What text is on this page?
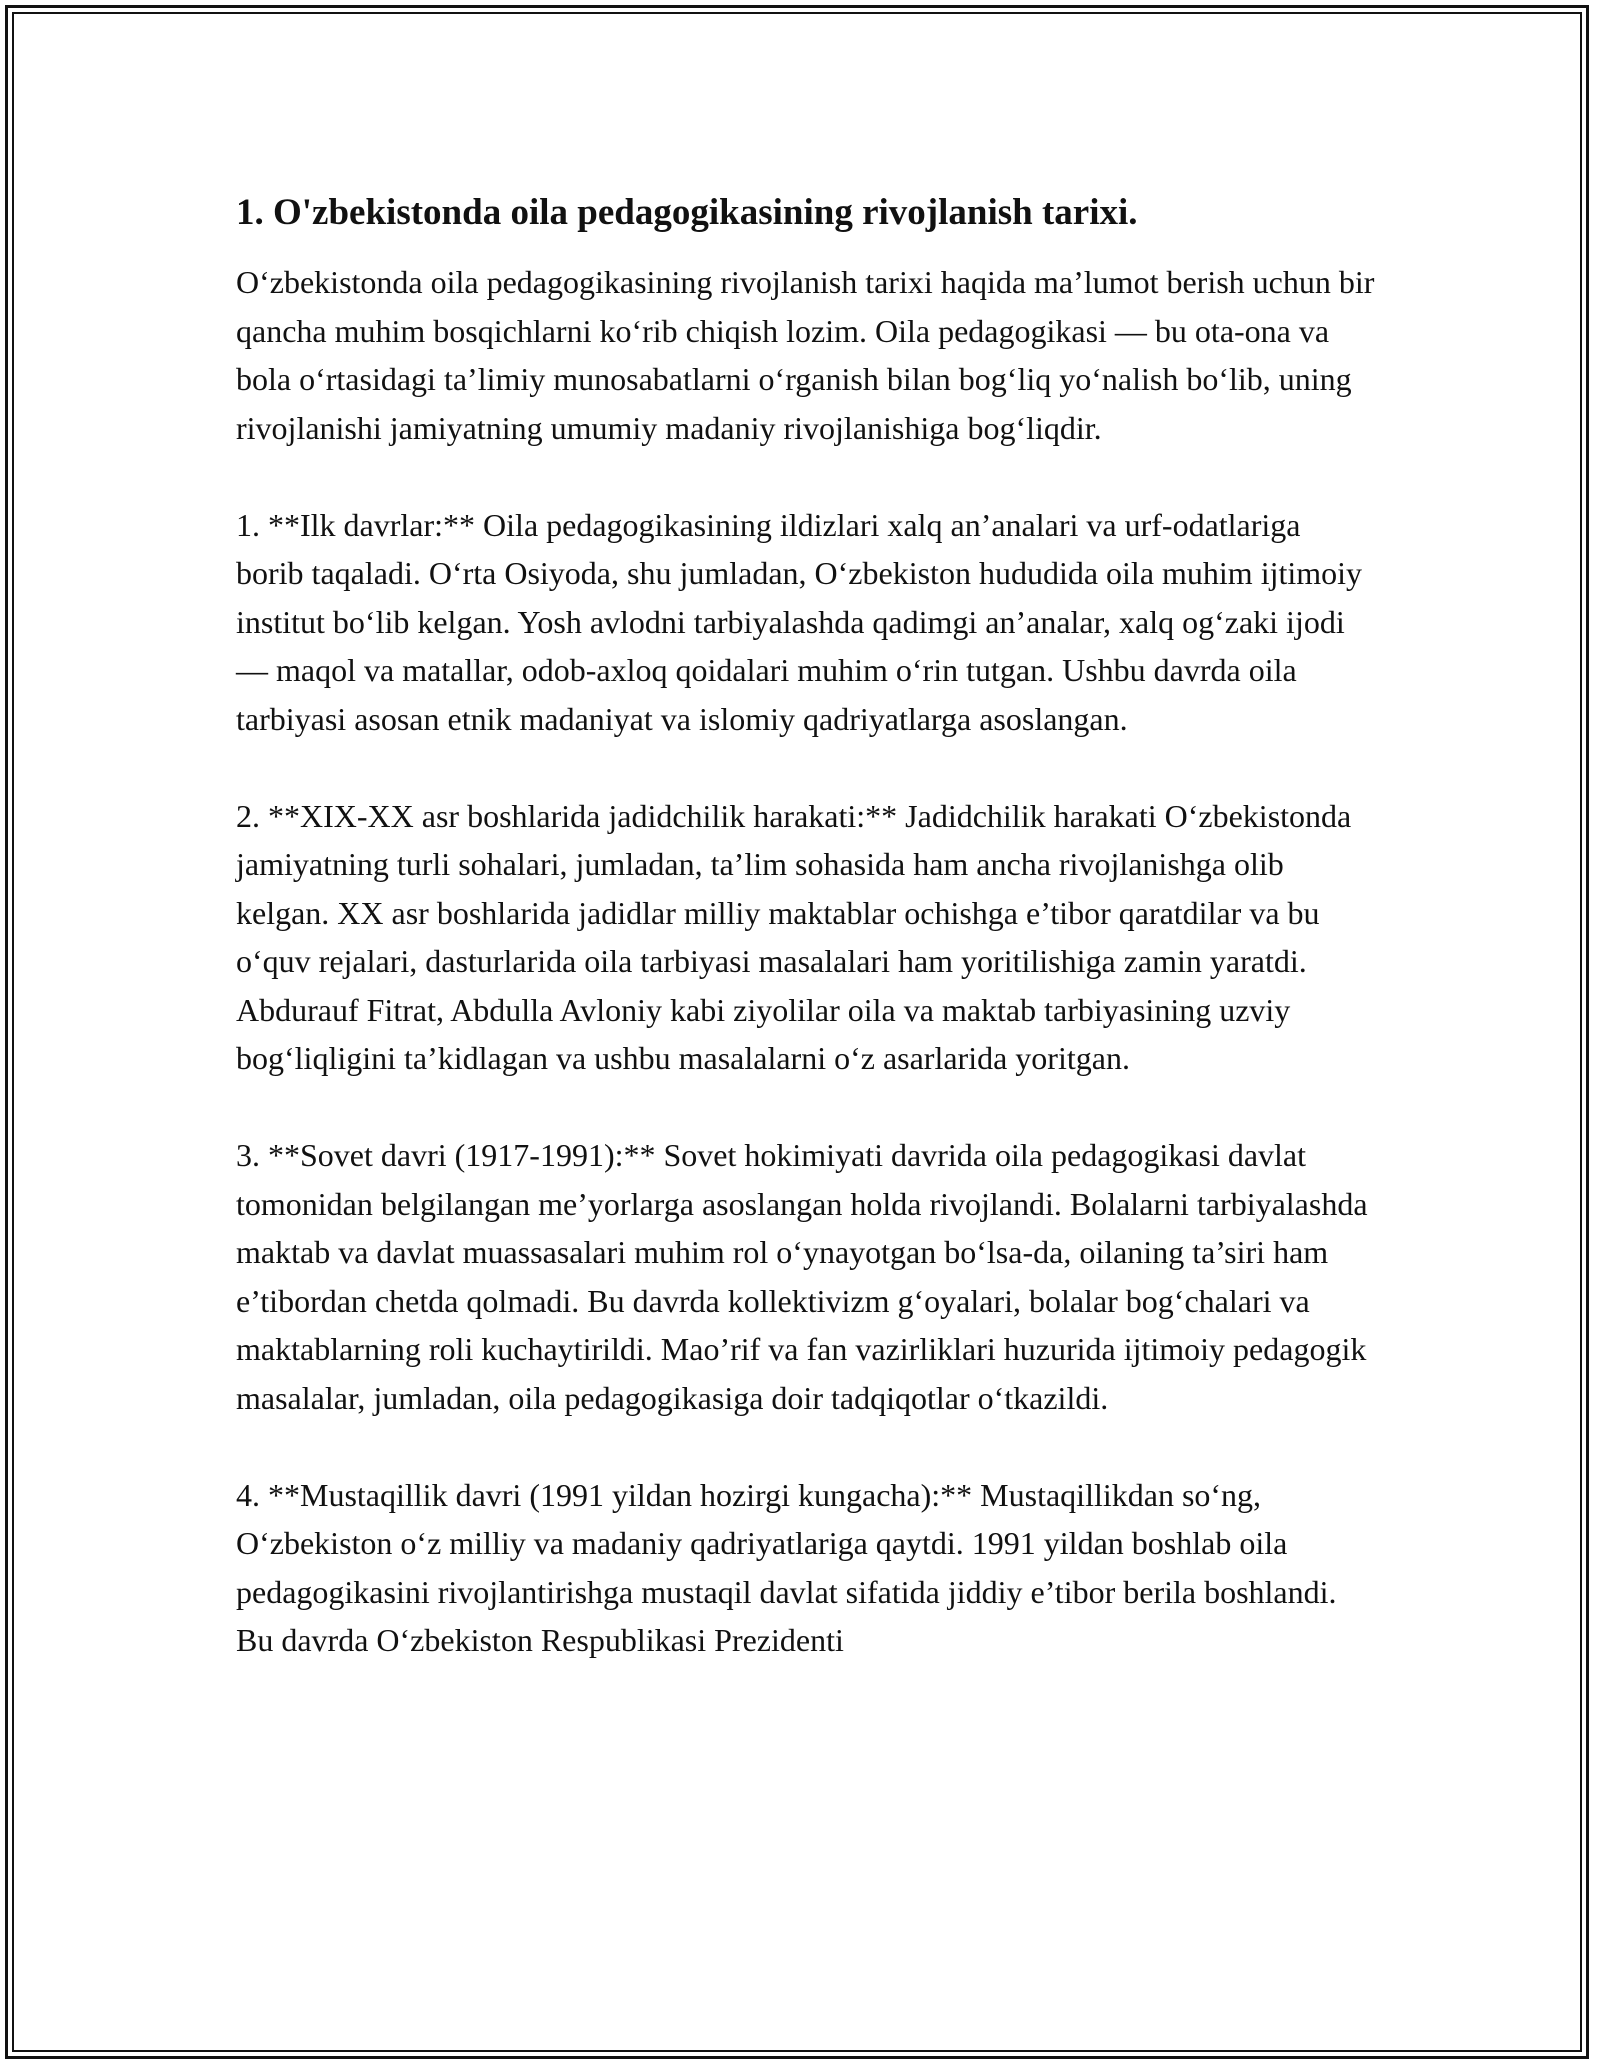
1. O'zbekistonda oila pedagogikasining rivojlanish tarixi.

O‘zbekistonda oila pedagogikasining rivojlanish tarixi haqida ma’lumot berish uchun bir qancha muhim bosqichlarni ko‘rib chiqish lozim. Oila pedagogikasi — bu ota-ona va bola o‘rtasidagi ta’limiy munosabatlarni o‘rganish bilan bog‘liq yo‘nalish bo‘lib, uning rivojlanishi jamiyatning umumiy madaniy rivojlanishiga bog‘liqdir.

1. **Ilk davrlar:** Oila pedagogikasining ildizlari xalq an’analari va urf-odatlariga borib taqaladi. O‘rta Osiyoda, shu jumladan, O‘zbekiston hududida oila muhim ijtimoiy institut bo‘lib kelgan. Yosh avlodni tarbiyalashda qadimgi an’analar, xalq og‘zaki ijodi — maqol va matallar, odob-axloq qoidalari muhim o‘rin tutgan. Ushbu davrda oila tarbiyasi asosan etnik madaniyat va islomiy qadriyatlarga asoslangan.

2. **XIX-XX asr boshlarida jadidchilik harakati:** Jadidchilik harakati O‘zbekistonda jamiyatning turli sohalari, jumladan, ta’lim sohasida ham ancha rivojlanishga olib kelgan. XX asr boshlarida jadidlar milliy maktablar ochishga e’tibor qaratdilar va bu o‘quv rejalari, dasturlarida oila tarbiyasi masalalari ham yoritilishiga zamin yaratdi. Abdurauf Fitrat, Abdulla Avloniy kabi ziyolilar oila va maktab tarbiyasining uzviy bog‘liqligini ta’kidlagan va ushbu masalalarni o‘z asarlarida yoritgan.

3. **Sovet davri (1917-1991):** Sovet hokimiyati davrida oila pedagogikasi davlat tomonidan belgilangan me’yorlarga asoslangan holda rivojlandi. Bolalarni tarbiyalashda maktab va davlat muassasalari muhim rol o‘ynayotgan bo‘lsa-da, oilaning ta’siri ham e’tibordan chetda qolmadi. Bu davrda kollektivizm g‘oyalari, bolalar bog‘chalari va maktablarning roli kuchaytirildi. Mao’rif va fan vazirliklari huzurida ijtimoiy pedagogik masalalar, jumladan, oila pedagogikasiga doir tadqiqotlar o‘tkazildi.

4. **Mustaqillik davri (1991 yildan hozirgi kungacha):** Mustaqillikdan so‘ng, O‘zbekiston o‘z milliy va madaniy qadriyatlariga qaytdi. 1991 yildan boshlab oila pedagogikasini rivojlantirishga mustaqil davlat sifatida jiddiy e’tibor berila boshlandi. Bu davrda O‘zbekiston Respublikasi Prezidenti
